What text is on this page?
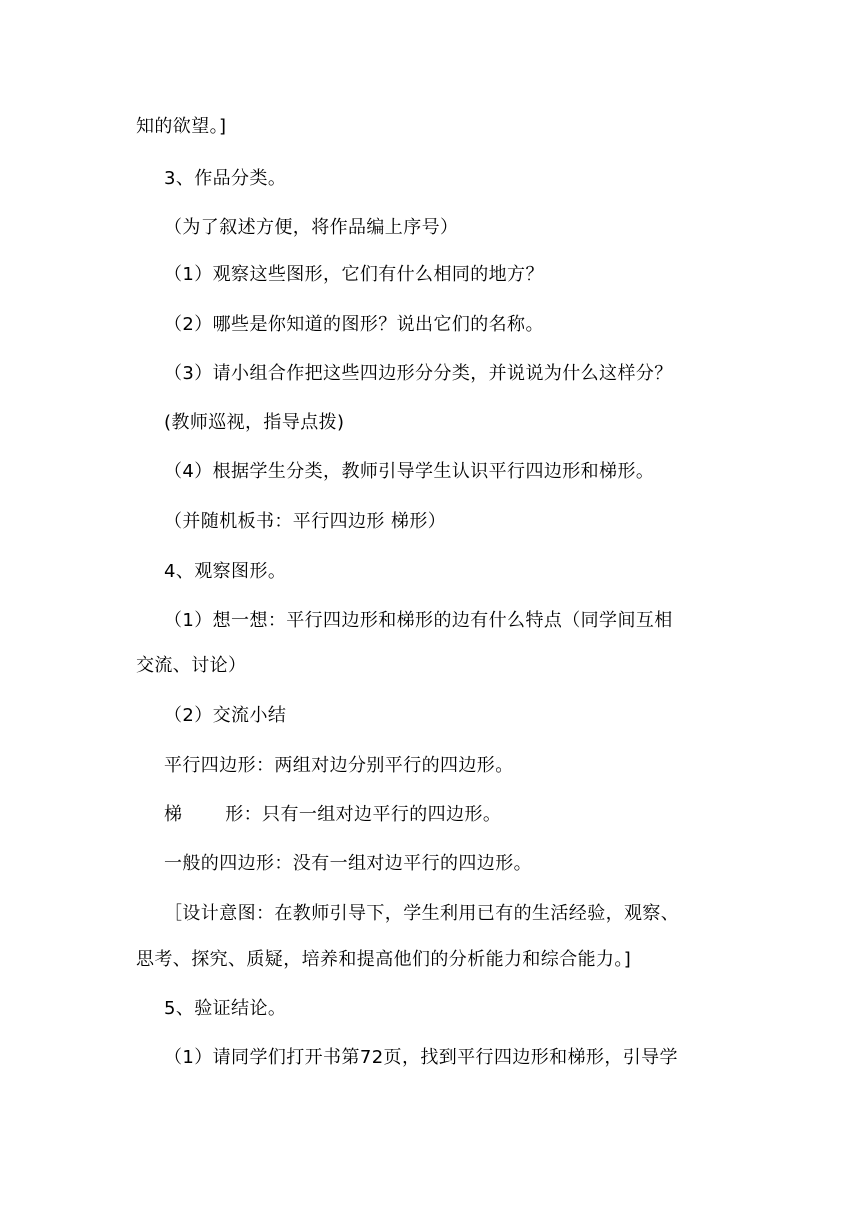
知的欲望。]
3、作品分类。
（为了叙述方便，将作品编上序号）
（1）观察这些图形，它们有什么相同的地方？
（2）哪些是你知道的图形？说出它们的名称。
（3）请小组合作把这些四边形分分类，并说说为什么这样分？
(教师巡视，指导点拨)
（4）根据学生分类，教师引导学生认识平行四边形和梯形。
（并随机板书：平行四边形 梯形）
4、观察图形。
（1）想一想：平行四边形和梯形的边有什么特点（同学间互相
交流、讨论）
（2）交流小结
平行四边形：两组对边分别平行的四边形。
梯       形：只有一组对边平行的四边形。
一般的四边形：没有一组对边平行的四边形。
［设计意图：在教师引导下，学生利用已有的生活经验，观察、
思考、探究、质疑，培养和提高他们的分析能力和综合能力。]
5、验证结论。
（1）请同学们打开书第72页，找到平行四边形和梯形，引导学
